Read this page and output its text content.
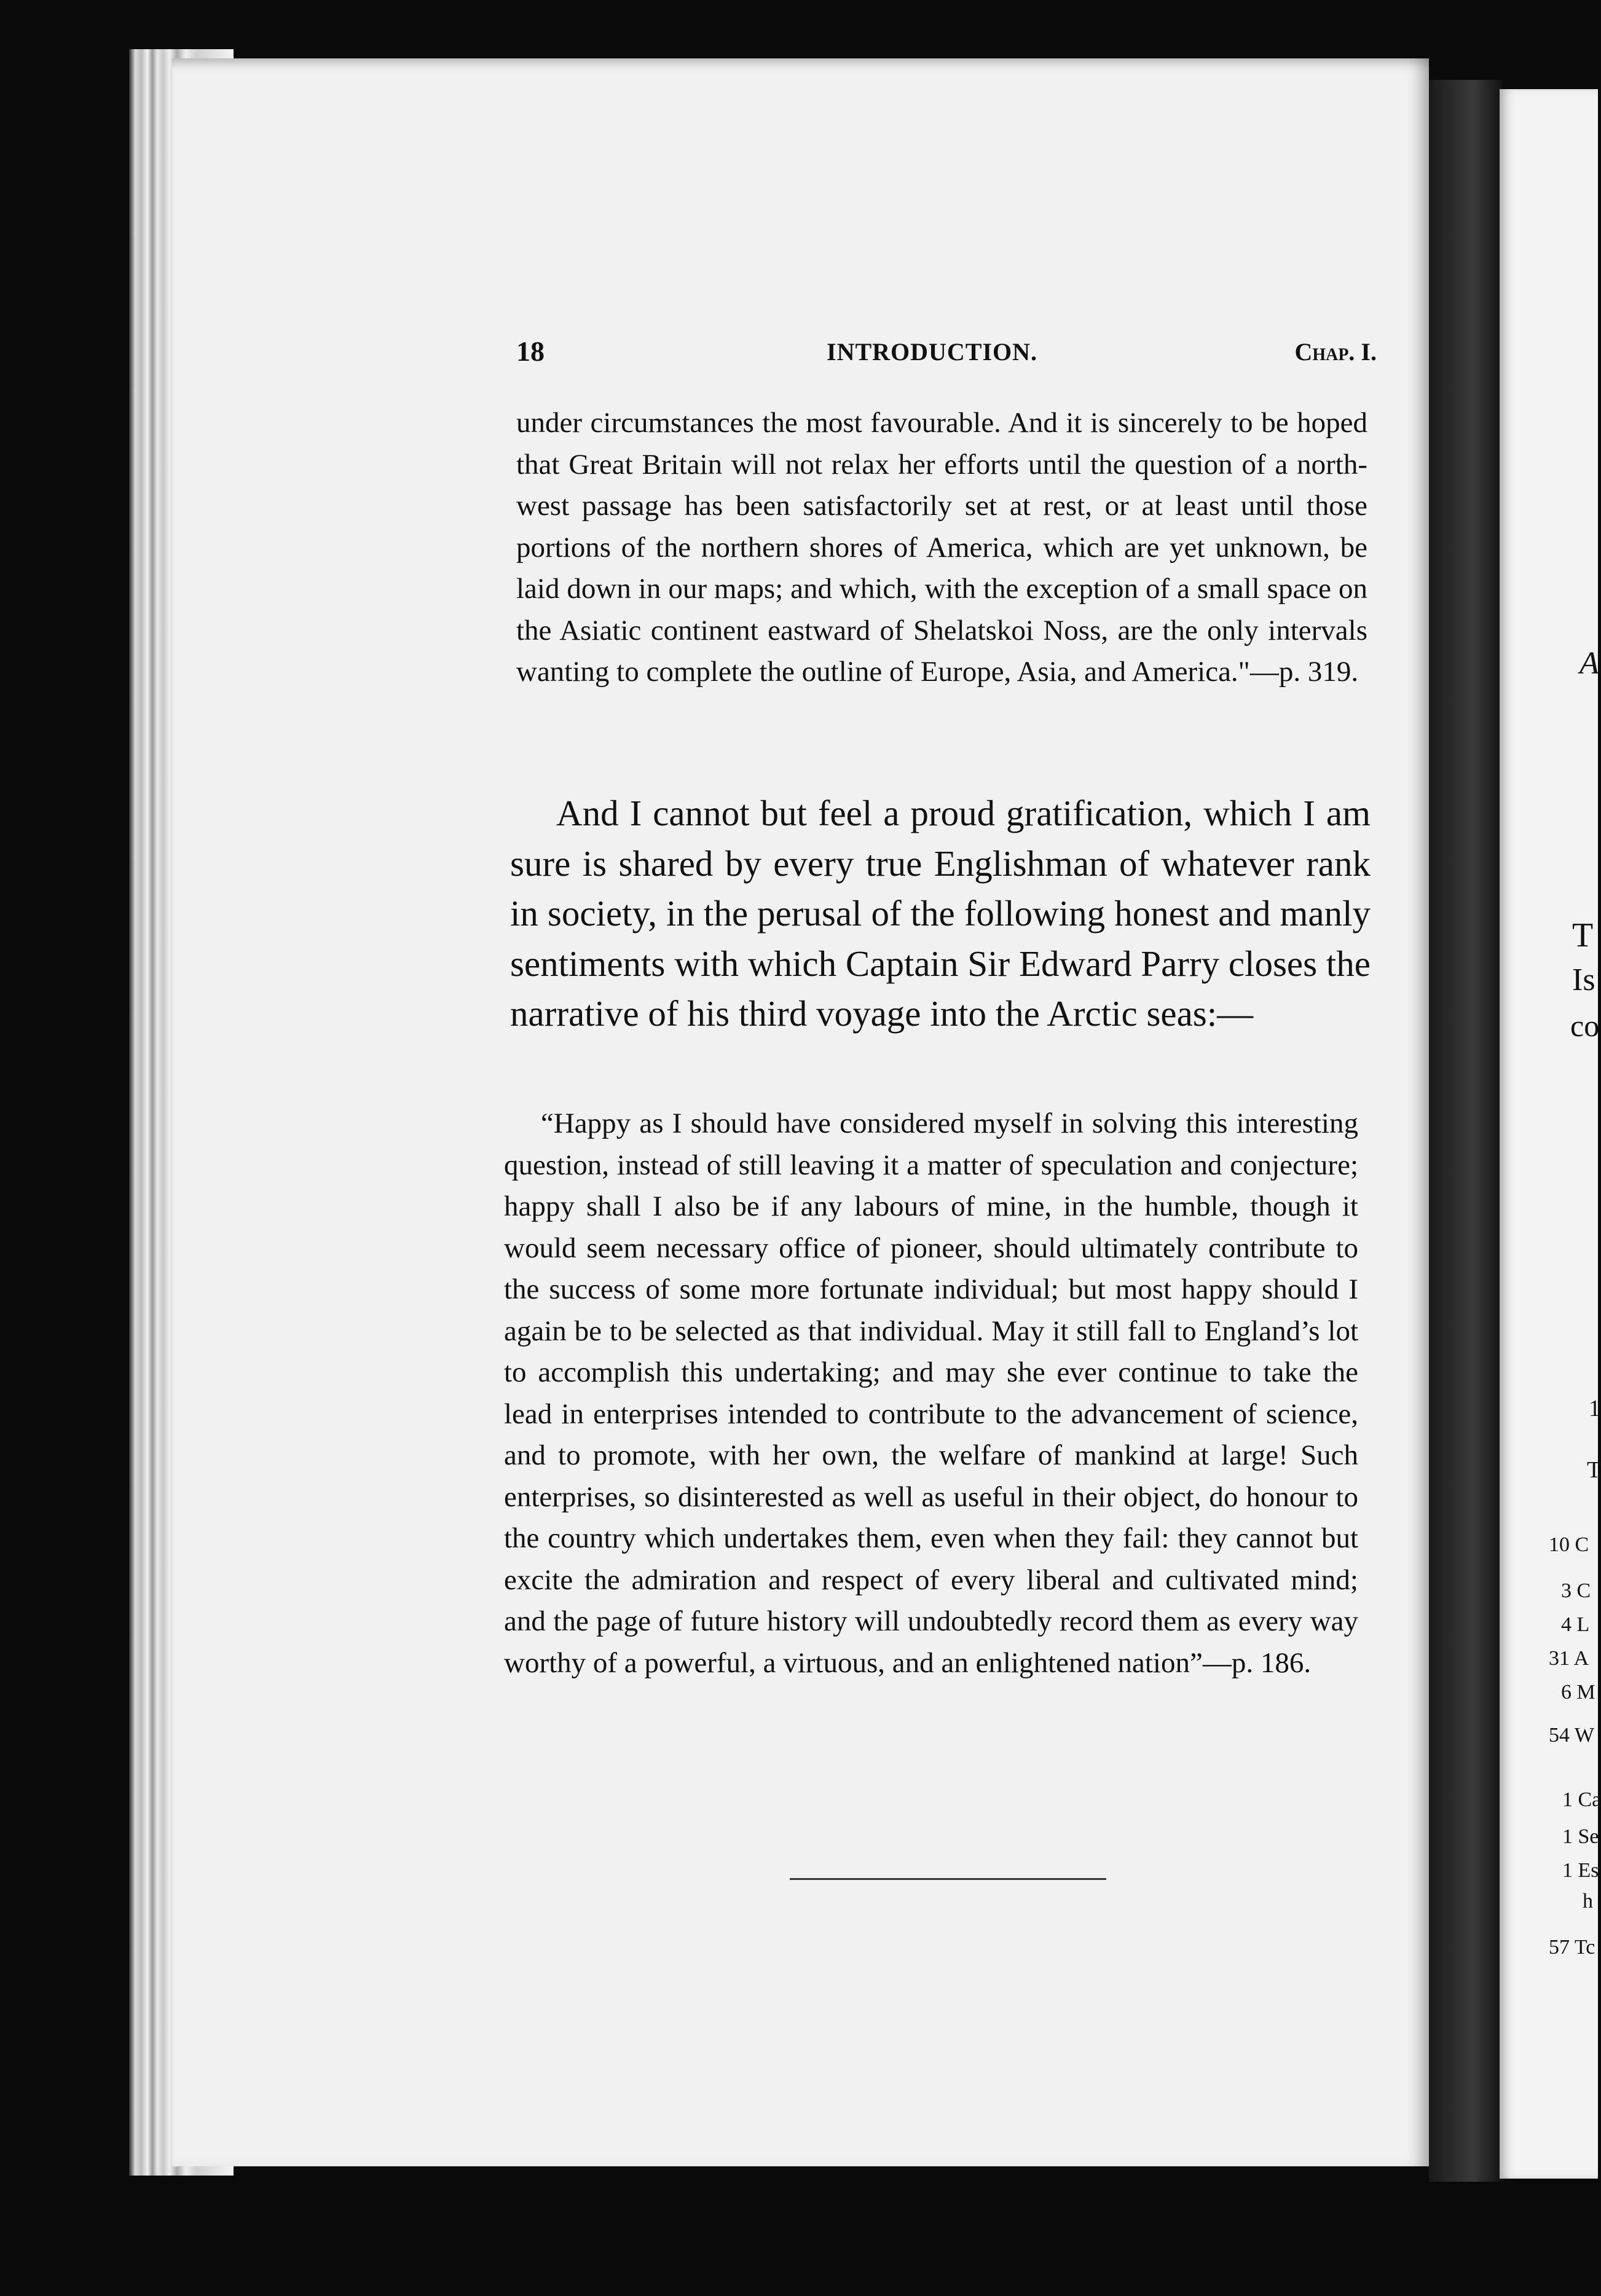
A
T
Is
co
1
T
10 C
3 C
4 L
31 A
6 M
54 W
1 Ca
1 Se
1 Es
h
57 Tc
18	INTRODUCTION.	Chap. I.
under circumstances the most favourable. And it is sincerely to be hoped that Great Britain will not relax her efforts until the question of a north-west passage has been satisfactorily set at rest, or at least until those portions of the northern shores of America, which are yet unknown, be laid down in our maps; and which, with the exception of a small space on the Asiatic continent eastward of Shelatskoi Noss, are the only intervals wanting to complete the outline of Europe, Asia, and America."—p. 319.
And I cannot but feel a proud gratification, which I am sure is shared by every true Englishman of whatever rank in society, in the perusal of the following honest and manly sentiments with which Captain Sir Edward Parry closes the narrative of his third voyage into the Arctic seas:—
“Happy as I should have considered myself in solving this interesting question, instead of still leaving it a matter of speculation and conjecture; happy shall I also be if any labours of mine, in the humble, though it would seem necessary office of pioneer, should ultimately contribute to the success of some more fortunate individual; but most happy should I again be to be selected as that individual. May it still fall to England’s lot to accomplish this undertaking; and may she ever continue to take the lead in enterprises intended to contribute to the advancement of science, and to promote, with her own, the welfare of mankind at large! Such enterprises, so disinterested as well as useful in their object, do honour to the country which undertakes them, even when they fail: they cannot but excite the admiration and respect of every liberal and cultivated mind; and the page of future history will undoubtedly record them as every way worthy of a powerful, a virtuous, and an enlightened nation”—p. 186.
